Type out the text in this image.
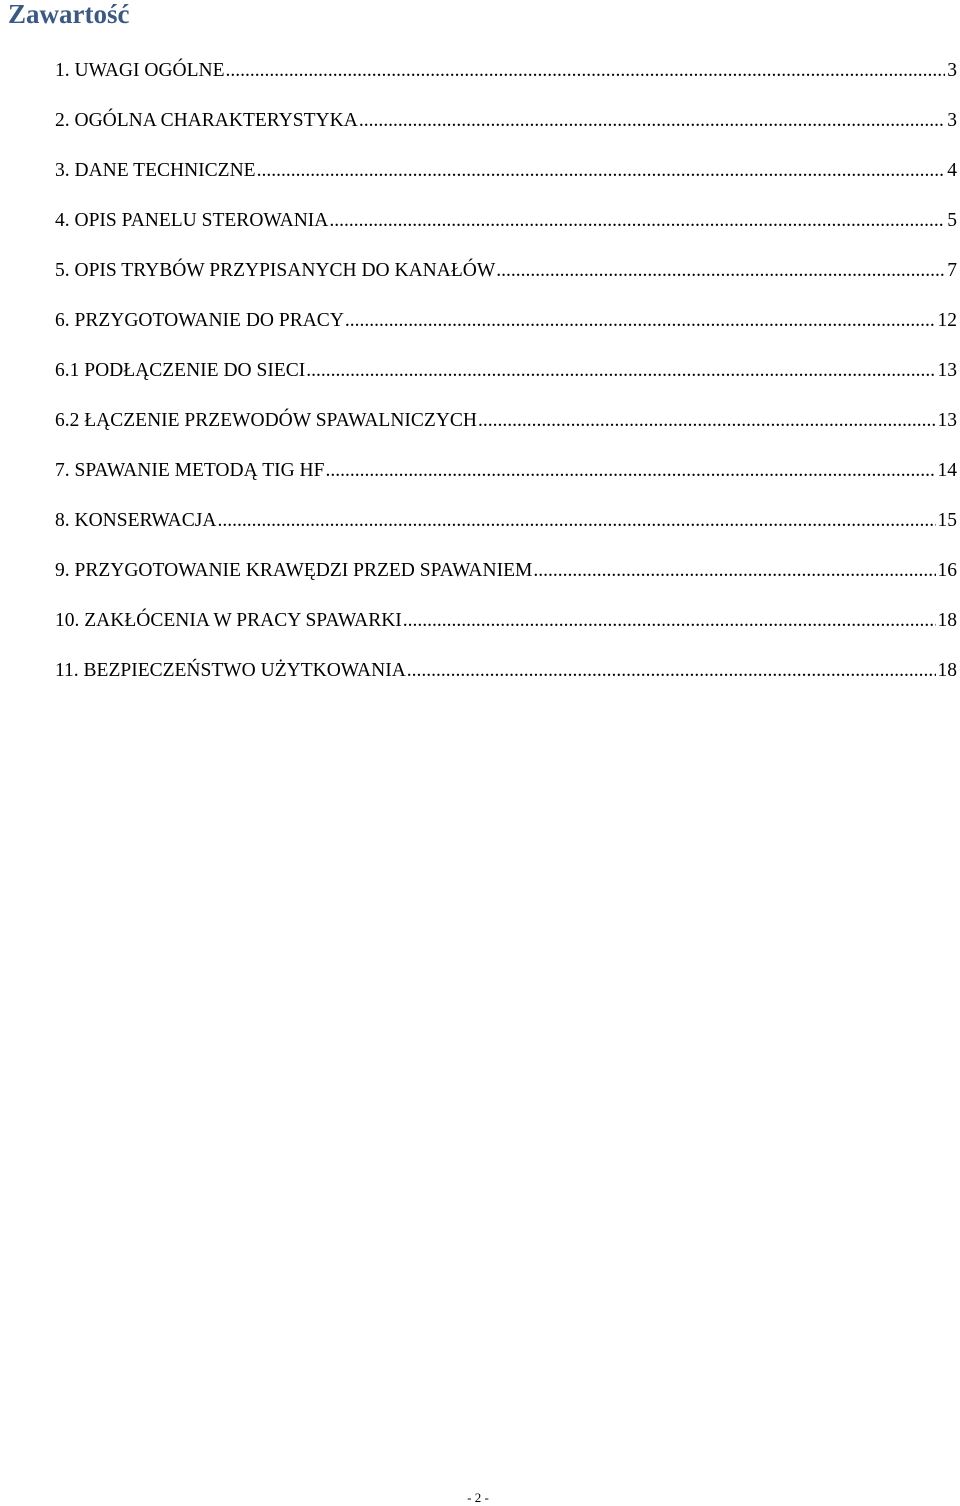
Zawartość
1. UWAGI OGÓLNE .....	3
2. OGÓLNA CHARAKTERYSTYKA .....	3
3. DANE TECHNICZNE .....	4
4. OPIS PANELU STEROWANIA .....	5
5. OPIS TRYBÓW PRZYPISANYCH DO KANAŁÓW .....	7
6. PRZYGOTOWANIE DO PRACY .....	12
6.1 PODŁĄCZENIE DO SIECI .....	13
6.2 ŁĄCZENIE PRZEWODÓW SPAWALNICZYCH .....	13
7. SPAWANIE METODĄ TIG HF .....	14
8. KONSERWACJA .....	15
9. PRZYGOTOWANIE KRAWĘDZI PRZED SPAWANIEM .....	16
10. ZAKŁÓCENIA W PRACY SPAWARKI .....	18
11. BEZPIECZEŃSTWO UŻYTKOWANIA .....	18
- 2 -
